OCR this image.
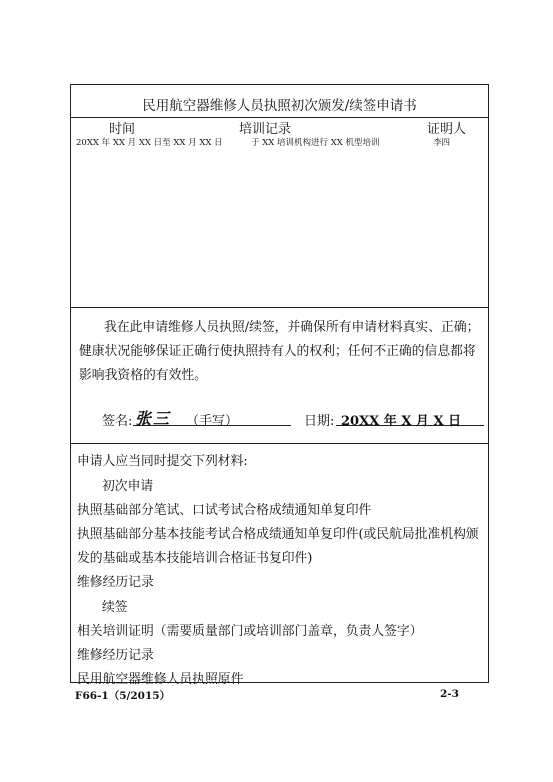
民用航空器维修人员执照初次颁发/续签申请书
时间	培训记录	证明人
20XX 年 XX 月 XX 日至 XX 月 XX 日	于 XX 培训机构进行 XX 机型培训	李四
我在此申请维修人员执照/续签，并确保所有申请材料真实、正确；健康状况能够保证正确行使执照持有人的权利；任何不正确的信息都将影响我资格的有效性。
签名: 张三 （手写）	日期: 20XX 年 X 月 X 日
申请人应当同时提交下列材料:
初次申请
执照基础部分笔试、口试考试合格成绩通知单复印件
执照基础部分基本技能考试合格成绩通知单复印件(或民航局批准机构颁发的基础或基本技能培训合格证书复印件)
维修经历记录
续签
相关培训证明（需要质量部门或培训部门盖章，负责人签字）
维修经历记录
民用航空器维修人员执照原件
F66-1（5/2015）	2-3
